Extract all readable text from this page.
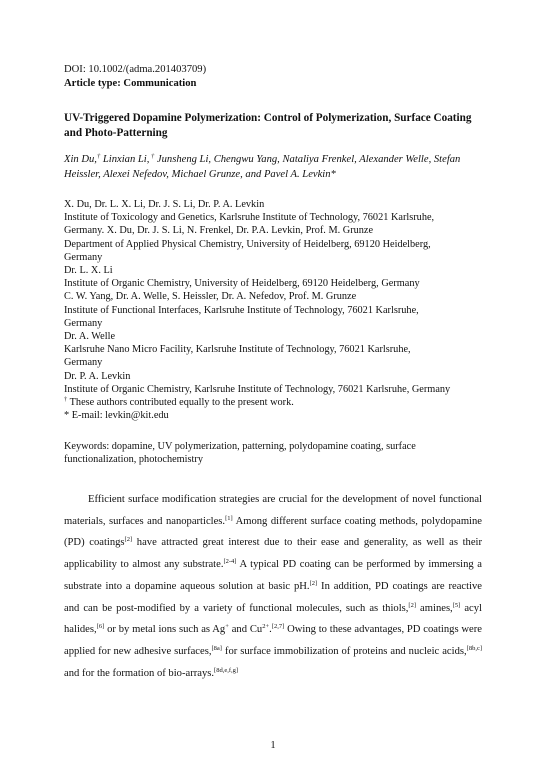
DOI: 10.1002/(adma.201403709)
Article type: Communication
UV-Triggered Dopamine Polymerization: Control of Polymerization, Surface Coating and Photo-Patterning
Xin Du,† Linxian Li, † Junsheng Li, Chengwu Yang, Nataliya Frenkel, Alexander Welle, Stefan Heissler, Alexei Nefedov, Michael Grunze, and Pavel A. Levkin*
X. Du, Dr. L. X. Li, Dr. J. S. Li, Dr. P. A. Levkin
Institute of Toxicology and Genetics, Karlsruhe Institute of Technology, 76021 Karlsruhe,
Germany. X. Du, Dr. J. S. Li, N. Frenkel, Dr. P.A. Levkin, Prof. M. Grunze
Department of Applied Physical Chemistry, University of Heidelberg, 69120 Heidelberg,
Germany
Dr. L. X. Li
Institute of Organic Chemistry, University of Heidelberg, 69120 Heidelberg, Germany
C. W. Yang, Dr. A. Welle, S. Heissler, Dr. A. Nefedov, Prof. M. Grunze
Institute of Functional Interfaces, Karlsruhe Institute of Technology, 76021 Karlsruhe,
Germany
Dr. A. Welle
Karlsruhe Nano Micro Facility, Karlsruhe Institute of Technology, 76021 Karlsruhe,
Germany
Dr. P. A. Levkin
Institute of Organic Chemistry, Karlsruhe Institute of Technology, 76021 Karlsruhe, Germany
† These authors contributed equally to the present work.
* E-mail: levkin@kit.edu
Keywords: dopamine, UV polymerization, patterning, polydopamine coating, surface functionalization, photochemistry

Efficient surface modification strategies are crucial for the development of novel functional materials, surfaces and nanoparticles.[1] Among different surface coating methods, polydopamine (PD) coatings[2] have attracted great interest due to their ease and generality, as well as their applicability to almost any substrate.[2-4] A typical PD coating can be performed by immersing a substrate into a dopamine aqueous solution at basic pH.[2] In addition, PD coatings are reactive and can be post-modified by a variety of functional molecules, such as thiols,[2] amines,[5] acyl halides,[6] or by metal ions such as Ag+ and $Cu^{2+}.[2,7]$ Owing to these advantages, PD coatings were applied for new adhesive surfaces,[8a] for surface immobilization of proteins and nucleic acids,[8b,c] and for the formation of bio-arrays.[8d,e,f,g]

1
